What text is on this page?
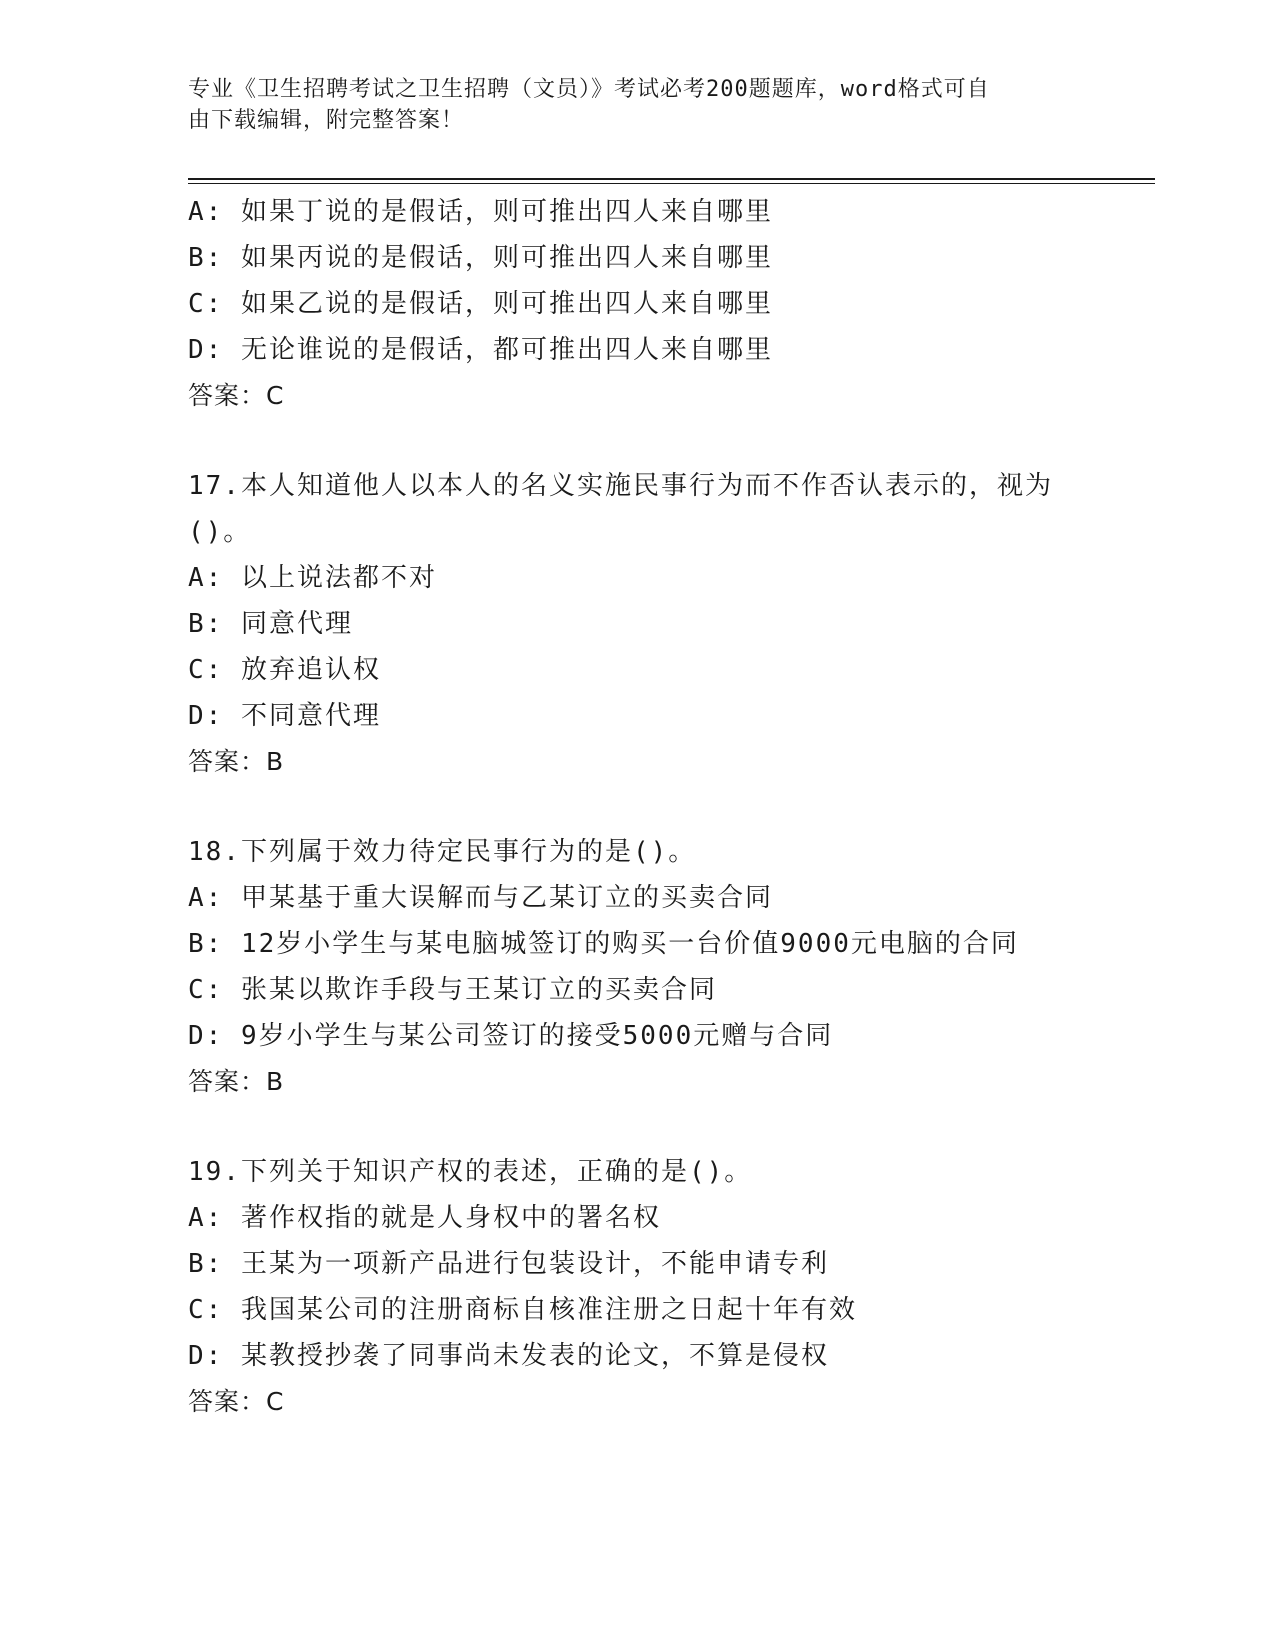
专业《卫生招聘考试之卫生招聘（文员）》考试必考200题题库，word格式可自
由下载编辑，附完整答案！
A: 如果丁说的是假话，则可推出四人来自哪里
B: 如果丙说的是假话，则可推出四人来自哪里
C: 如果乙说的是假话，则可推出四人来自哪里
D: 无论谁说的是假话，都可推出四人来自哪里
答案：C
17.本人知道他人以本人的名义实施民事行为而不作否认表示的，视为
()。
A: 以上说法都不对
B: 同意代理
C: 放弃追认权
D: 不同意代理
答案：B
18.下列属于效力待定民事行为的是()。
A: 甲某基于重大误解而与乙某订立的买卖合同
B: 12岁小学生与某电脑城签订的购买一台价值9000元电脑的合同
C: 张某以欺诈手段与王某订立的买卖合同
D: 9岁小学生与某公司签订的接受5000元赠与合同
答案：B
19.下列关于知识产权的表述，正确的是()。
A: 著作权指的就是人身权中的署名权
B: 王某为一项新产品进行包装设计，不能申请专利
C: 我国某公司的注册商标自核准注册之日起十年有效
D: 某教授抄袭了同事尚未发表的论文，不算是侵权
答案：C
